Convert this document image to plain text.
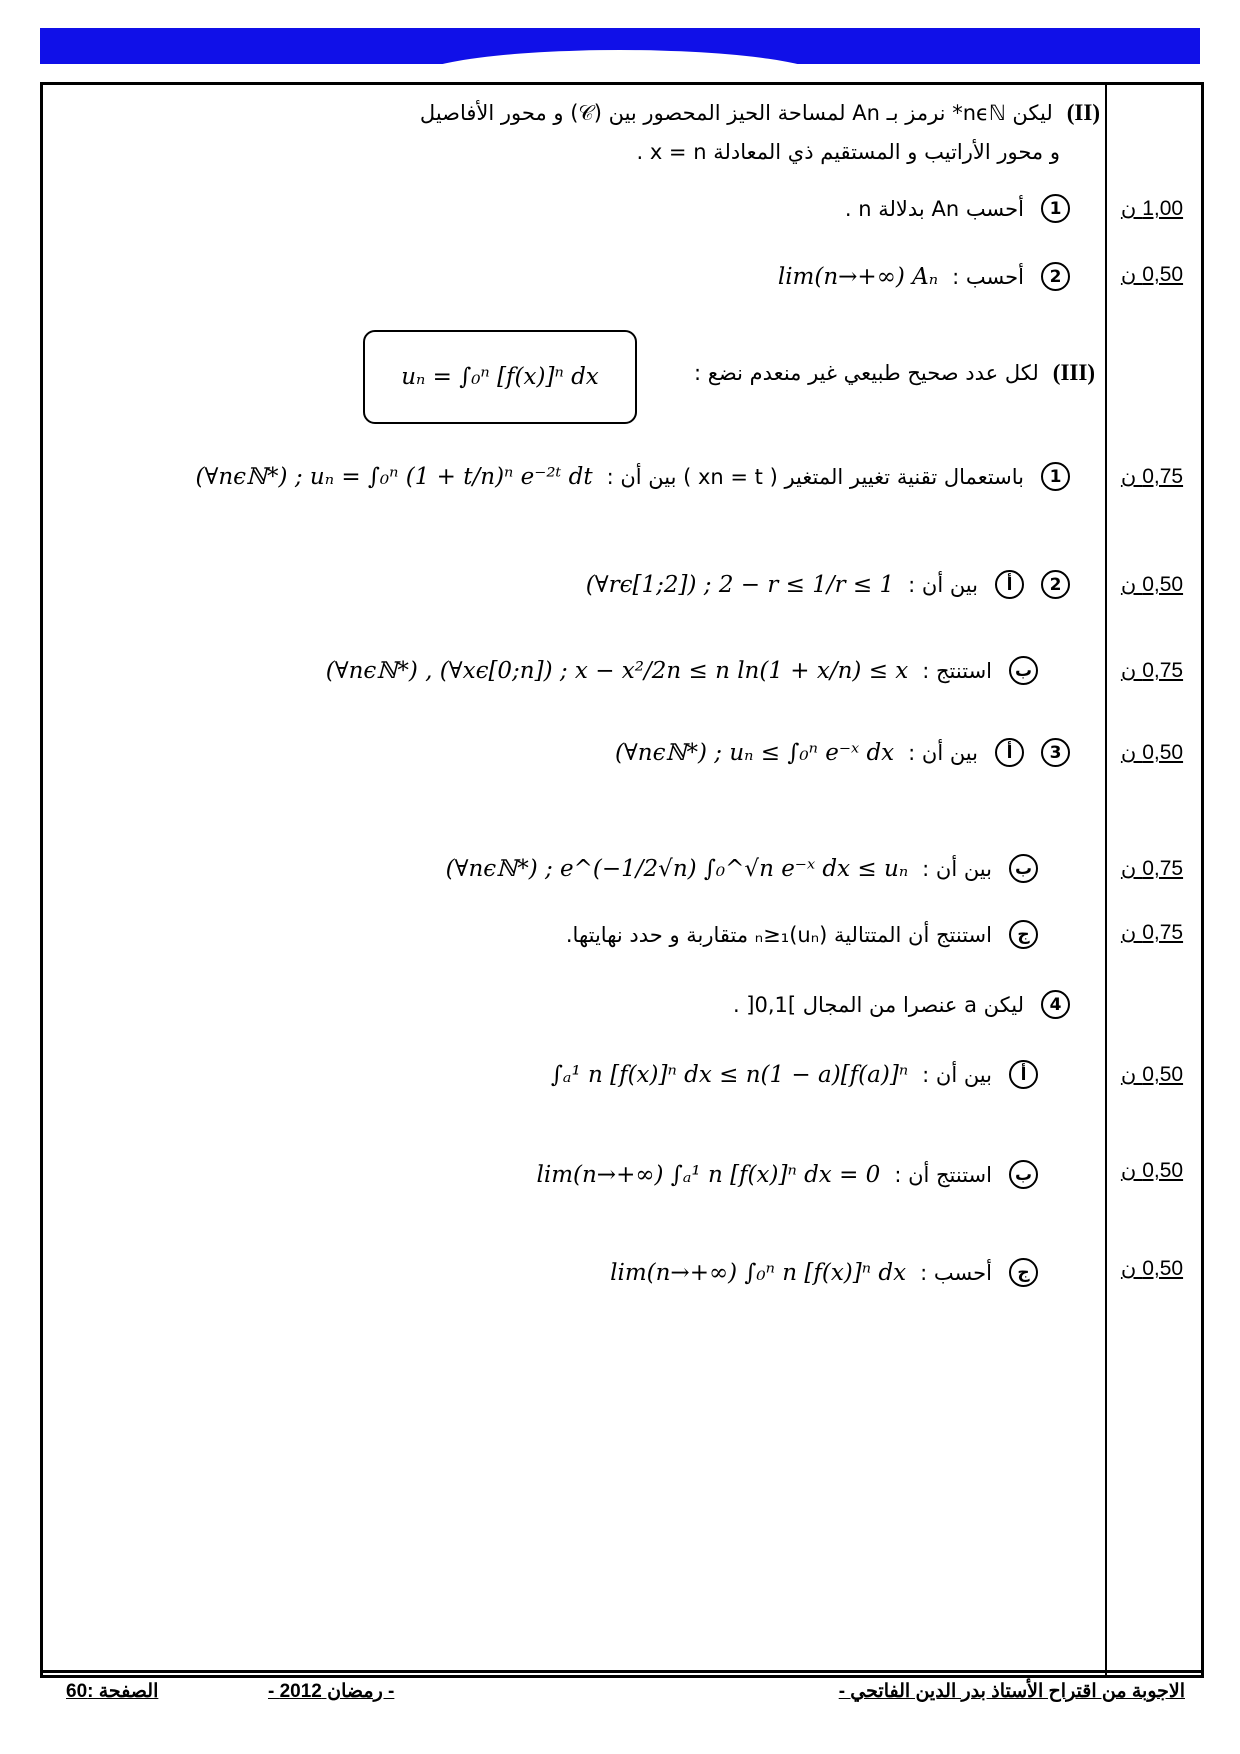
(II)
ليكن nϵℕ* نرمز بـ An لمساحة الحيز المحصور بين (𝒞) و محور الأفاصيل
و محور الأراتيب و المستقيم ذي المعادلة x = n .
1,00 ن
1
أحسب An بدلالة n .
0,50 ن
2
أحسب :
lim(n→+∞) Aₙ
(III)
لكل عدد صحيح طبيعي غير منعدم نضع :
uₙ = ∫₀ⁿ [f(x)]ⁿ dx
0,75 ن
1
باستعمال تقنية تغيير المتغير ( xn = t ) بين أن :
(∀nϵℕ*) ; uₙ = ∫₀ⁿ (1 + t/n)ⁿ e⁻²ᵗ dt
0,50 ن
2
أ
بين أن :
(∀rϵ[1;2]) ; 2 − r ≤ 1/r ≤ 1
0,75 ن
ب
استنتج :
(∀nϵℕ*) , (∀xϵ[0;n]) ; x − x²/2n ≤ n ln(1 + x/n) ≤ x
0,50 ن
3
أ
بين أن :
(∀nϵℕ*) ; uₙ ≤ ∫₀ⁿ e⁻ˣ dx
0,75 ن
ب
بين أن :
(∀nϵℕ*) ; e^(−1/2√n) ∫₀^√n e⁻ˣ dx ≤ uₙ
0,75 ن
ج
استنتج أن المتتالية (uₙ)ₙ≥₁ متقاربة و حدد نهايتها.
4
ليكن a عنصرا من المجال ]0,1[ .
0,50 ن
أ
بين أن :
∫ₐ¹ n [f(x)]ⁿ dx ≤ n(1 − a)[f(a)]ⁿ
0,50 ن
ب
استنتج أن :
lim(n→+∞) ∫ₐ¹ n [f(x)]ⁿ dx = 0
0,50 ن
ج
أحسب :
lim(n→+∞) ∫₀ⁿ n [f(x)]ⁿ dx
الاجوبة من اقتراح الأستاذ بدر الدين الفاتحي -
- رمضان 2012 -
الصفحة :60
